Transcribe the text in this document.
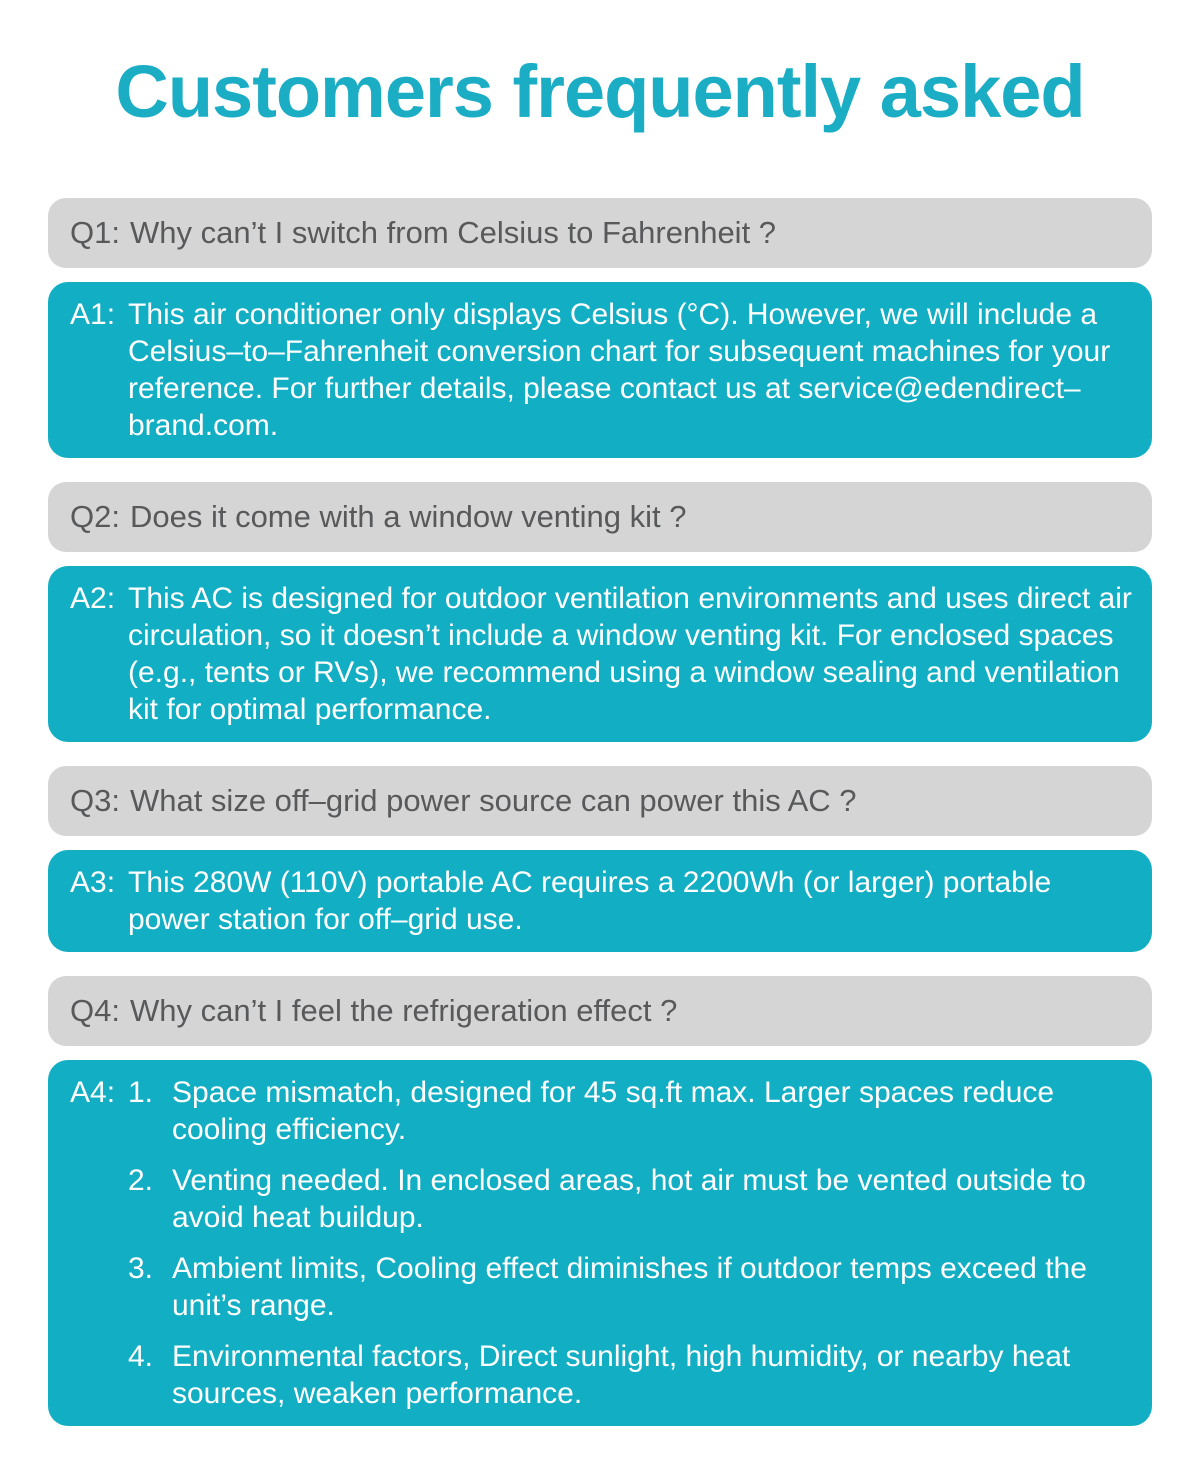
Customers frequently asked
Q1: Why can’t I switch from Celsius to Fahrenheit ?
A1: This air conditioner only displays Celsius (°C). However, we will include a Celsius–to–Fahrenheit conversion chart for subsequent machines for your reference. For further details, please contact us at service@edendirect–brand.com.
Q2: Does it come with a window venting kit ?
A2: This AC is designed for outdoor ventilation environments and uses direct air circulation, so it doesn’t include a window venting kit. For enclosed spaces (e.g., tents or RVs), we recommend using a window sealing and ventilation kit for optimal performance.
Q3: What size off–grid power source can power this AC ?
A3: This 280W (110V) portable AC requires a 2200Wh (or larger) portable power station for off–grid use.
Q4: Why can’t I feel the refrigeration effect ?
A4: 1. Space mismatch, designed for 45 sq.ft max. Larger spaces reduce cooling efficiency.
2. Venting needed. In enclosed areas, hot air must be vented outside to avoid heat buildup.
3. Ambient limits, Cooling effect diminishes if outdoor temps exceed the unit’s range.
4. Environmental factors, Direct sunlight, high humidity, or nearby heat sources, weaken performance.
